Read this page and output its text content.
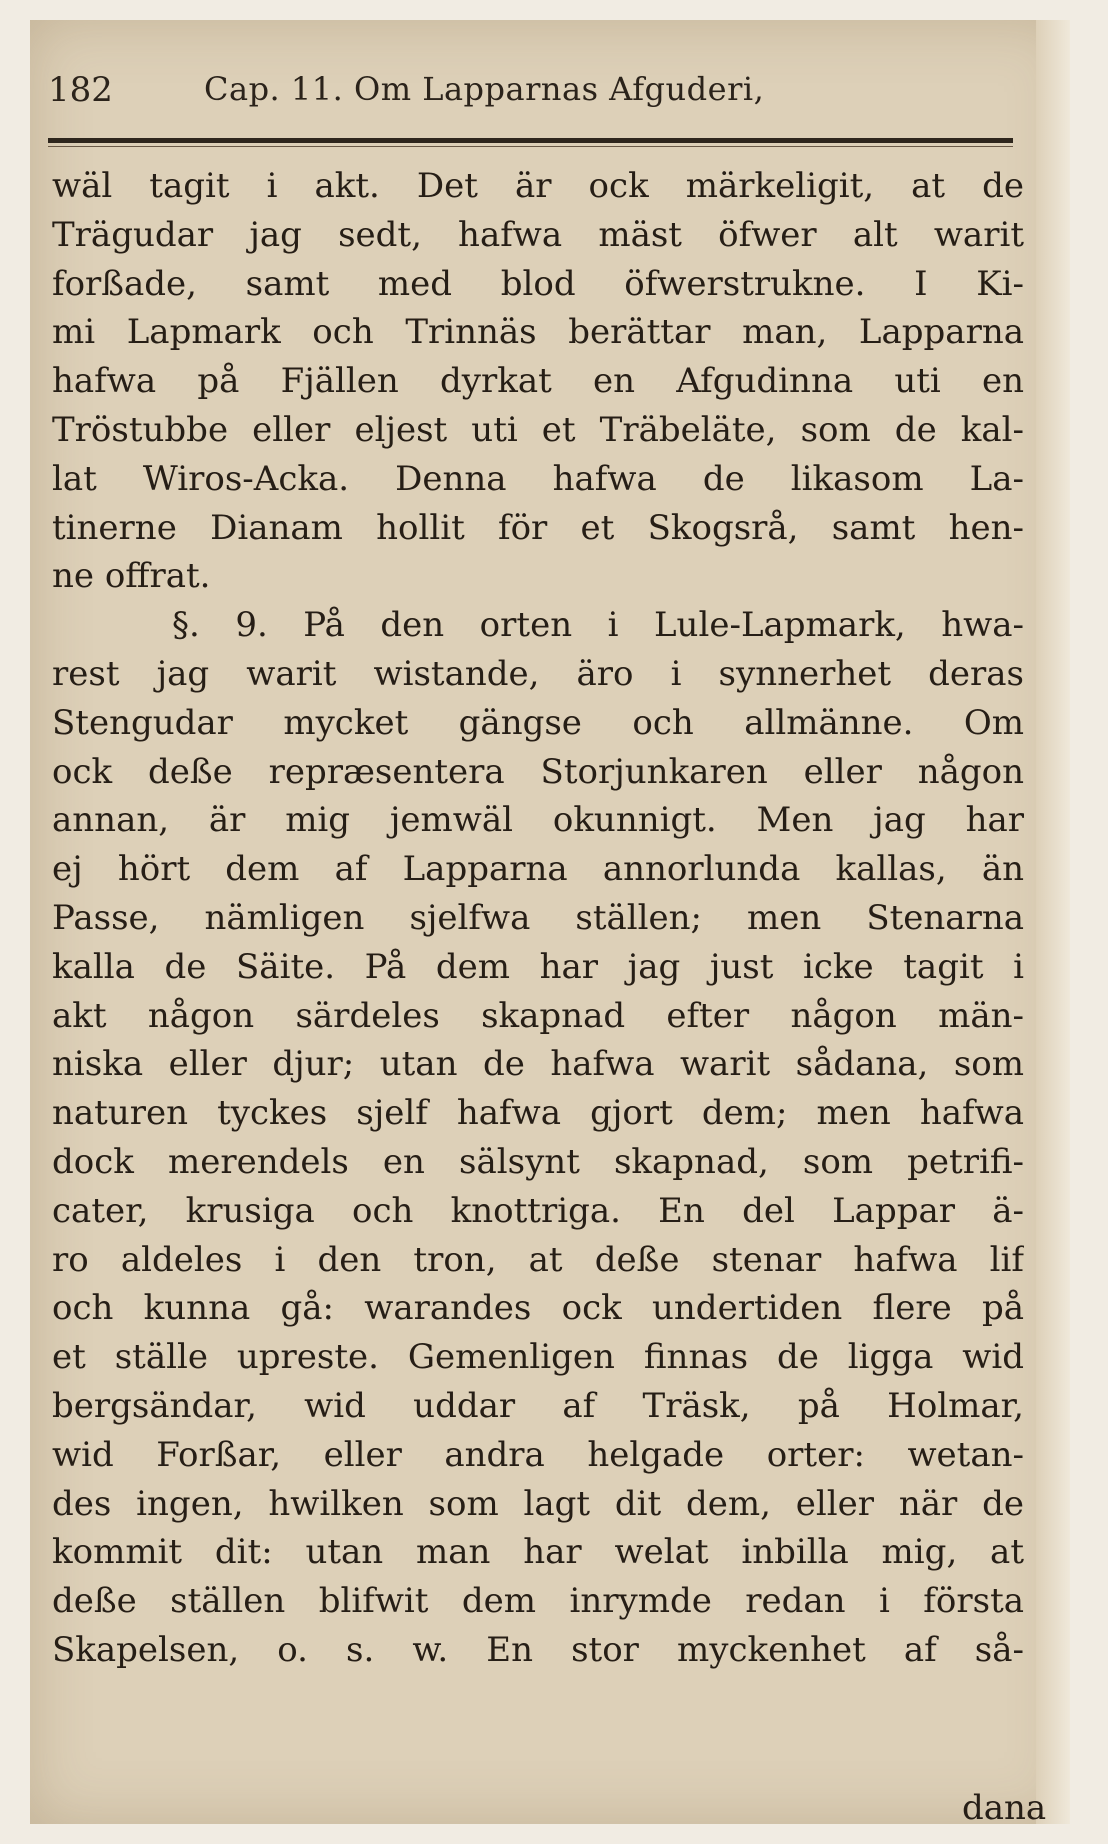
182	Cap. 11. Om Lapparnas Afguderi,
wäl tagit i akt. Det är ock märkeligit, at de
Trägudar jag sedt, hafwa mäst öfwer alt warit
forßade, samt med blod öfwerstrukne. I Ki-
mi Lapmark och Trinnäs berättar man, Lapparna
hafwa på Fjällen dyrkat en Afgudinna uti en
Tröstubbe eller eljest uti et Träbeläte, som de kal-
lat Wiros-Acka. Denna hafwa de likasom La-
tinerne Dianam hollit för et Skogsrå, samt hen-
ne offrat.
§. 9. På den orten i Lule-Lapmark, hwa-
rest jag warit wistande, äro i synnerhet deras
Stengudar mycket gängse och allmänne. Om
ock deße repræsentera Storjunkaren eller någon
annan, är mig jemwäl okunnigt. Men jag har
ej hört dem af Lapparna annorlunda kallas, än
Passe, nämligen sjelfwa ställen; men Stenarna
kalla de Säite. På dem har jag just icke tagit i
akt någon särdeles skapnad efter någon män-
niska eller djur; utan de hafwa warit sådana, som
naturen tyckes sjelf hafwa gjort dem; men hafwa
dock merendels en sälsynt skapnad, som petrifi-
cater, krusiga och knottriga. En del Lappar ä-
ro aldeles i den tron, at deße stenar hafwa lif
och kunna gå: warandes ock undertiden flere på
et ställe upreste. Gemenligen finnas de ligga wid
bergsändar, wid uddar af Träsk, på Holmar,
wid Forßar, eller andra helgade orter: wetan-
des ingen, hwilken som lagt dit dem, eller när de
kommit dit: utan man har welat inbilla mig, at
deße ställen blifwit dem inrymde redan i första
Skapelsen, o. s. w. En stor myckenhet af så-
dana
